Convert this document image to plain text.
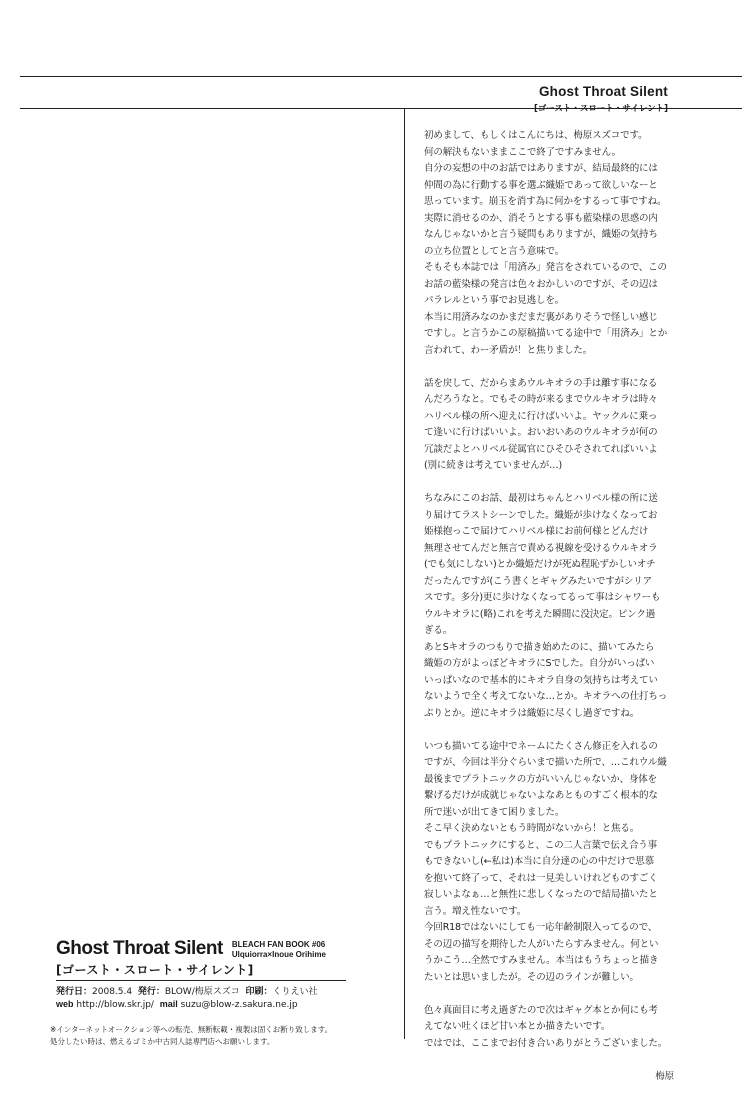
Ghost Throat Silent
[ゴースト・スロート・サイレント]

初めまして、もしくはこんにちは、梅原スズコです。
何の解決もないままここで終了ですみません。
自分の妄想の中のお話ではありますが、結局最終的には
仲間の為に行動する事を選ぶ織姫であって欲しいなーと
思っています。崩玉を消す為に何かをするって事ですね。
実際に消せるのか、消そうとする事も藍染様の思惑の内
なんじゃないかと言う疑問もありますが、織姫の気持ち
の立ち位置としてと言う意味で。
そもそも本誌では「用済み」発言をされているので、この
お話の藍染様の発言は色々おかしいのですが、その辺は
パラレルという事でお見逃しを。
本当に用済みなのかまだまだ裏がありそうで怪しい感じ
ですし。と言うかこの原稿描いてる途中で「用済み」とか
言われて、わー矛盾が！と焦りました。

話を戻して、だからまあウルキオラの手は離す事になる
んだろうなと。でもその時が来るまでウルキオラは時々
ハリベル様の所へ迎えに行けばいいよ。ヤックルに乗っ
て逢いに行けばいいよ。おいおいあのウルキオラが何の
冗談だよとハリベル従属官にひそひそされてればいいよ
(別に続きは考えていませんが…)

ちなみにこのお話、最初はちゃんとハリベル様の所に送
り届けてラストシーンでした。織姫が歩けなくなってお
姫様抱っこで届けてハリベル様にお前何様とどんだけ
無理させてんだと無言で責める視線を受けるウルキオラ
(でも気にしない)とか織姫だけが死ぬ程恥ずかしいオチ
だったんですが(こう書くとギャグみたいですがシリア
スです。多分)更に歩けなくなってるって事はシャワーも
ウルキオラに(略)これを考えた瞬間に没決定。ピンク過
ぎる。
あとSキオラのつもりで描き始めたのに、描いてみたら
織姫の方がよっぽどキオラにSでした。自分がいっぱい
いっぱいなので基本的にキオラ自身の気持ちは考えてい
ないようで全く考えてないな…とか。キオラへの仕打ちっ
ぷりとか。逆にキオラは織姫に尽くし過ぎですね。

いつも描いてる途中でネームにたくさん修正を入れるの
ですが、今回は半分ぐらいまで描いた所で、…これウル織
最後までプラトニックの方がいいんじゃないか、身体を
繋げるだけが成就じゃないよなあとものすごく根本的な
所で迷いが出てきて困りました。
そこ早く決めないともう時間がないから！と焦る。
でもプラトニックにすると、この二人言葉で伝え合う事
もできないし(←私は)本当に自分達の心の中だけで思慕
を抱いて終了って、それは一見美しいけれどものすごく
寂しいよなぁ…と無性に悲しくなったので結局描いたと
言う。増え性ないです。
今回R18ではないにしても一応年齢制限入ってるので、
その辺の描写を期待した人がいたらすみません。何とい
うかこう…全然ですみません。本当はもうちょっと描き
たいとは思いましたが。その辺のラインが難しい。

色々真面目に考え過ぎたので次はギャグ本とか何にも考
えてない吐くほど甘い本とか描きたいです。
ではでは、ここまでお付き合いありがとうございました。

梅原
Ghost Throat Silent BLEACH FAN BOOK #06
Ulquiorra×Inoue Orihime
[ゴースト・スロート・サイレント]
発行日：2008.5.4 発行：BLOW/梅原スズコ 印刷：くりえい社
web http://blow.skr.jp/ mail suzu@blow-z.sakura.ne.jp
※インターネットオークション等への転売、無断転載・複製は固くお断り致します。
処分したい時は、燃えるゴミか中古同人誌専門店へお願いします。
